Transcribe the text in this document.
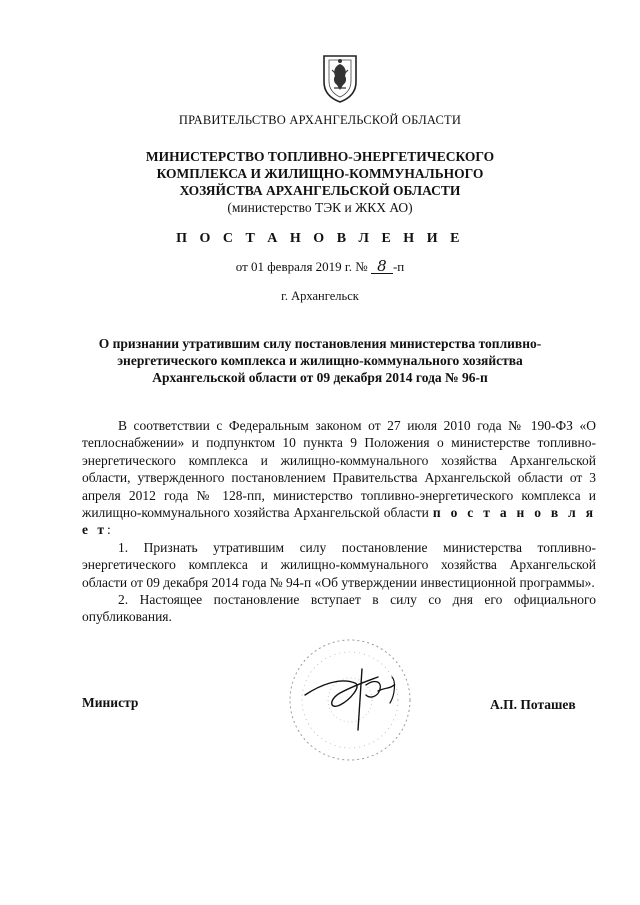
ПРАВИТЕЛЬСТВО АРХАНГЕЛЬСКОЙ ОБЛАСТИ
МИНИСТЕРСТВО ТОПЛИВНО-ЭНЕРГЕТИЧЕСКОГО
КОМПЛЕКСА И ЖИЛИЩНО-КОММУНАЛЬНОГО
ХОЗЯЙСТВА АРХАНГЕЛЬСКОЙ ОБЛАСТИ
(министерство ТЭК и ЖКХ АО)
П О С Т А Н О В Л Е Н И Е
от 01 февраля 2019 г. № 8 -п
г. Архангельск
О признании утратившим силу постановления министерства топливно-
энергетического комплекса и жилищно-коммунального хозяйства
Архангельской области от 09 декабря 2014 года № 96-п

В соответствии с Федеральным законом от 27 июля 2010 года № 190-ФЗ «О теплоснабжении» и подпунктом 10 пункта 9 Положения о министерстве топливно-энергетического комплекса и жилищно-коммунального хозяйства Архангельской области, утвержденного постановлением Правительства Архангельской области от 3 апреля 2012 года № 128-пп, министерство топливно-энергетического комплекса и жилищно-коммунального хозяйства Архангельской области п о с т а н о в л я е т:

1. Признать утратившим силу постановление министерства топливно-энергетического комплекса и жилищно-коммунального хозяйства Архангельской области от 09 декабря 2014 года № 94-п «Об утверждении инвестиционной программы».

2. Настоящее постановление вступает в силу со дня его официального опубликования.

Министр	А.П. Поташев
